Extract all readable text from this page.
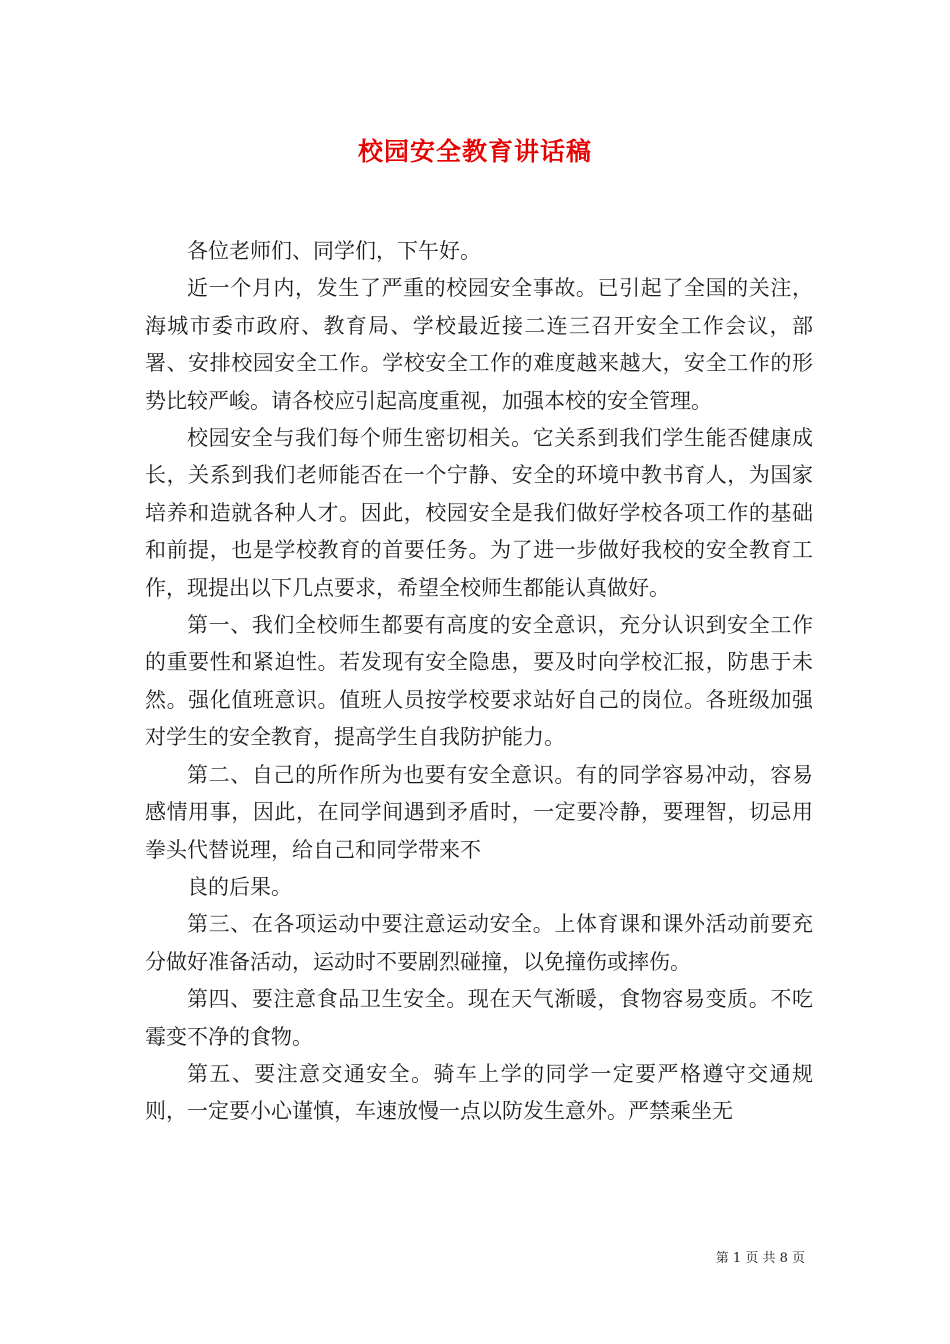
校园安全教育讲话稿

各位老师们、同学们，下午好。

近一个月内，发生了严重的校园安全事故。已引起了全国的关注，海城市委市政府、教育局、学校最近接二连三召开安全工作会议，部署、安排校园安全工作。学校安全工作的难度越来越大，安全工作的形势比较严峻。请各校应引起高度重视，加强本校的安全管理。

校园安全与我们每个师生密切相关。它关系到我们学生能否健康成长，关系到我们老师能否在一个宁静、安全的环境中教书育人，为国家培养和造就各种人才。因此，校园安全是我们做好学校各项工作的基础和前提，也是学校教育的首要任务。为了进一步做好我校的安全教育工作，现提出以下几点要求，希望全校师生都能认真做好。

第一、我们全校师生都要有高度的安全意识，充分认识到安全工作的重要性和紧迫性。若发现有安全隐患，要及时向学校汇报，防患于未然。强化值班意识。值班人员按学校要求站好自己的岗位。各班级加强对学生的安全教育，提高学生自我防护能力。

第二、自己的所作所为也要有安全意识。有的同学容易冲动，容易感情用事，因此，在同学间遇到矛盾时，一定要冷静，要理智，切忌用拳头代替说理，给自己和同学带来不

良的后果。

第三、在各项运动中要注意运动安全。上体育课和课外活动前要充分做好准备活动，运动时不要剧烈碰撞，以免撞伤或摔伤。

第四、要注意食品卫生安全。现在天气渐暖，食物容易变质。不吃霉变不净的食物。

第五、要注意交通安全。骑车上学的同学一定要严格遵守交通规则，一定要小心谨慎，车速放慢一点以防发生意外。严禁乘坐无

第 1 页 共 8 页
